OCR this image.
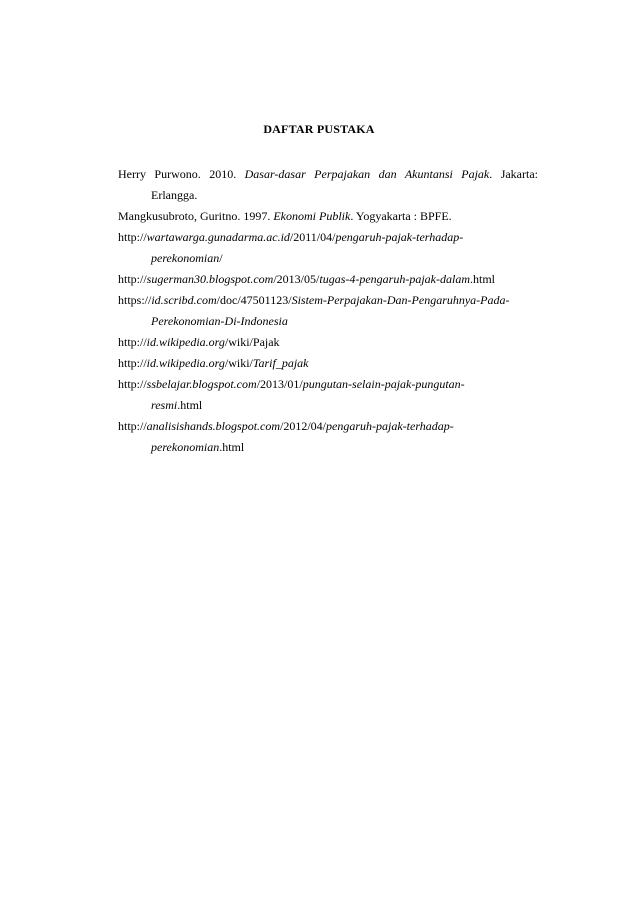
DAFTAR PUSTAKA
Herry Purwono. 2010. Dasar-dasar Perpajakan dan Akuntansi Pajak. Jakarta:
Erlangga.
Mangkusubroto, Guritno. 1997. Ekonomi Publik. Yogyakarta : BPFE.
http://wartawarga.gunadarma.ac.id/2011/04/pengaruh-pajak-terhadap-
perekonomian/
http://sugerman30.blogspot.com/2013/05/tugas-4-pengaruh-pajak-dalam.html
https://id.scribd.com/doc/47501123/Sistem-Perpajakan-Dan-Pengaruhnya-Pada-
Perekonomian-Di-Indonesia
http://id.wikipedia.org/wiki/Pajak
http://id.wikipedia.org/wiki/Tarif_pajak
http://ssbelajar.blogspot.com/2013/01/pungutan-selain-pajak-pungutan-
resmi.html
http://analisishands.blogspot.com/2012/04/pengaruh-pajak-terhadap-
perekonomian.html
